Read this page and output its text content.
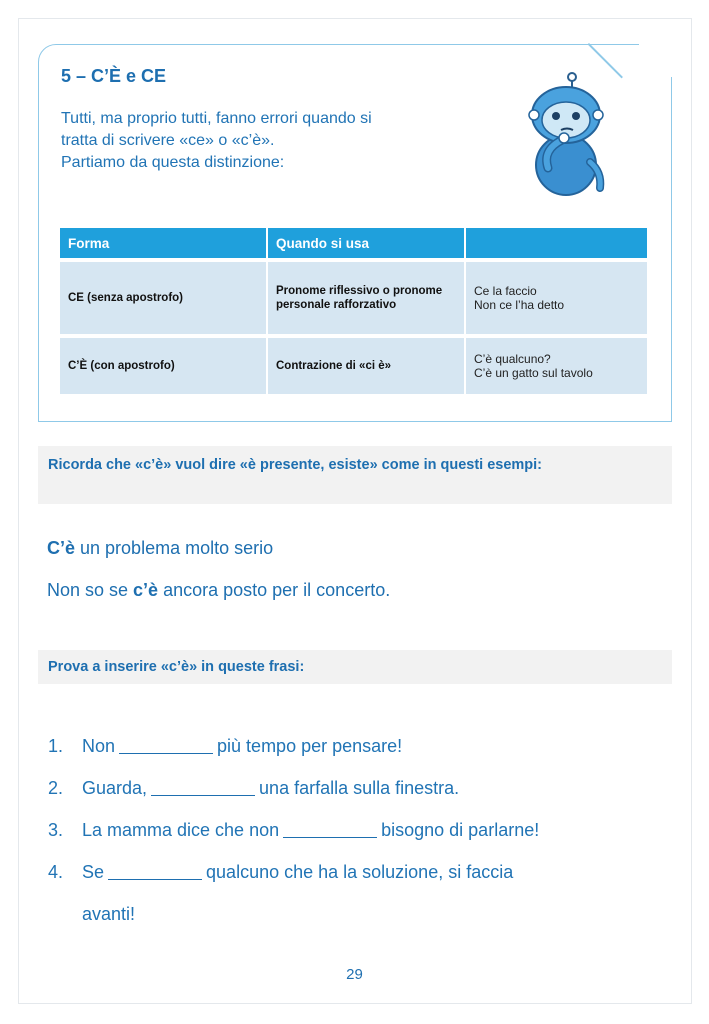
5 – C’È e CE
Tutti, ma proprio tutti, fanno errori quando si
tratta di scrivere «ce» o «c’è».
Partiamo da questa distinzione:
Forma	Quando si usa	
CE (senza apostrofo)	Pronome riflessivo o pronome personale rafforzativo	Ce la faccio
Non ce l’ha detto

C’È (con apostrofo)	Contrazione di «ci è»	C’è qualcuno?
C’è un gatto sul tavolo
Ricorda che «c’è» vuol dire «è presente, esiste» come in questi esempi:
C’è un problema molto serio
Non so se c’è ancora posto per il concerto.
Prova a inserire «c’è» in queste frasi:
1.	Non	più tempo per pensare!
2.	Guarda,	una farfalla sulla finestra.
3.	La mamma dice che non	bisogno di parlarne!
4.	Se	qualcuno che ha la soluzione, si faccia
avanti!
29
